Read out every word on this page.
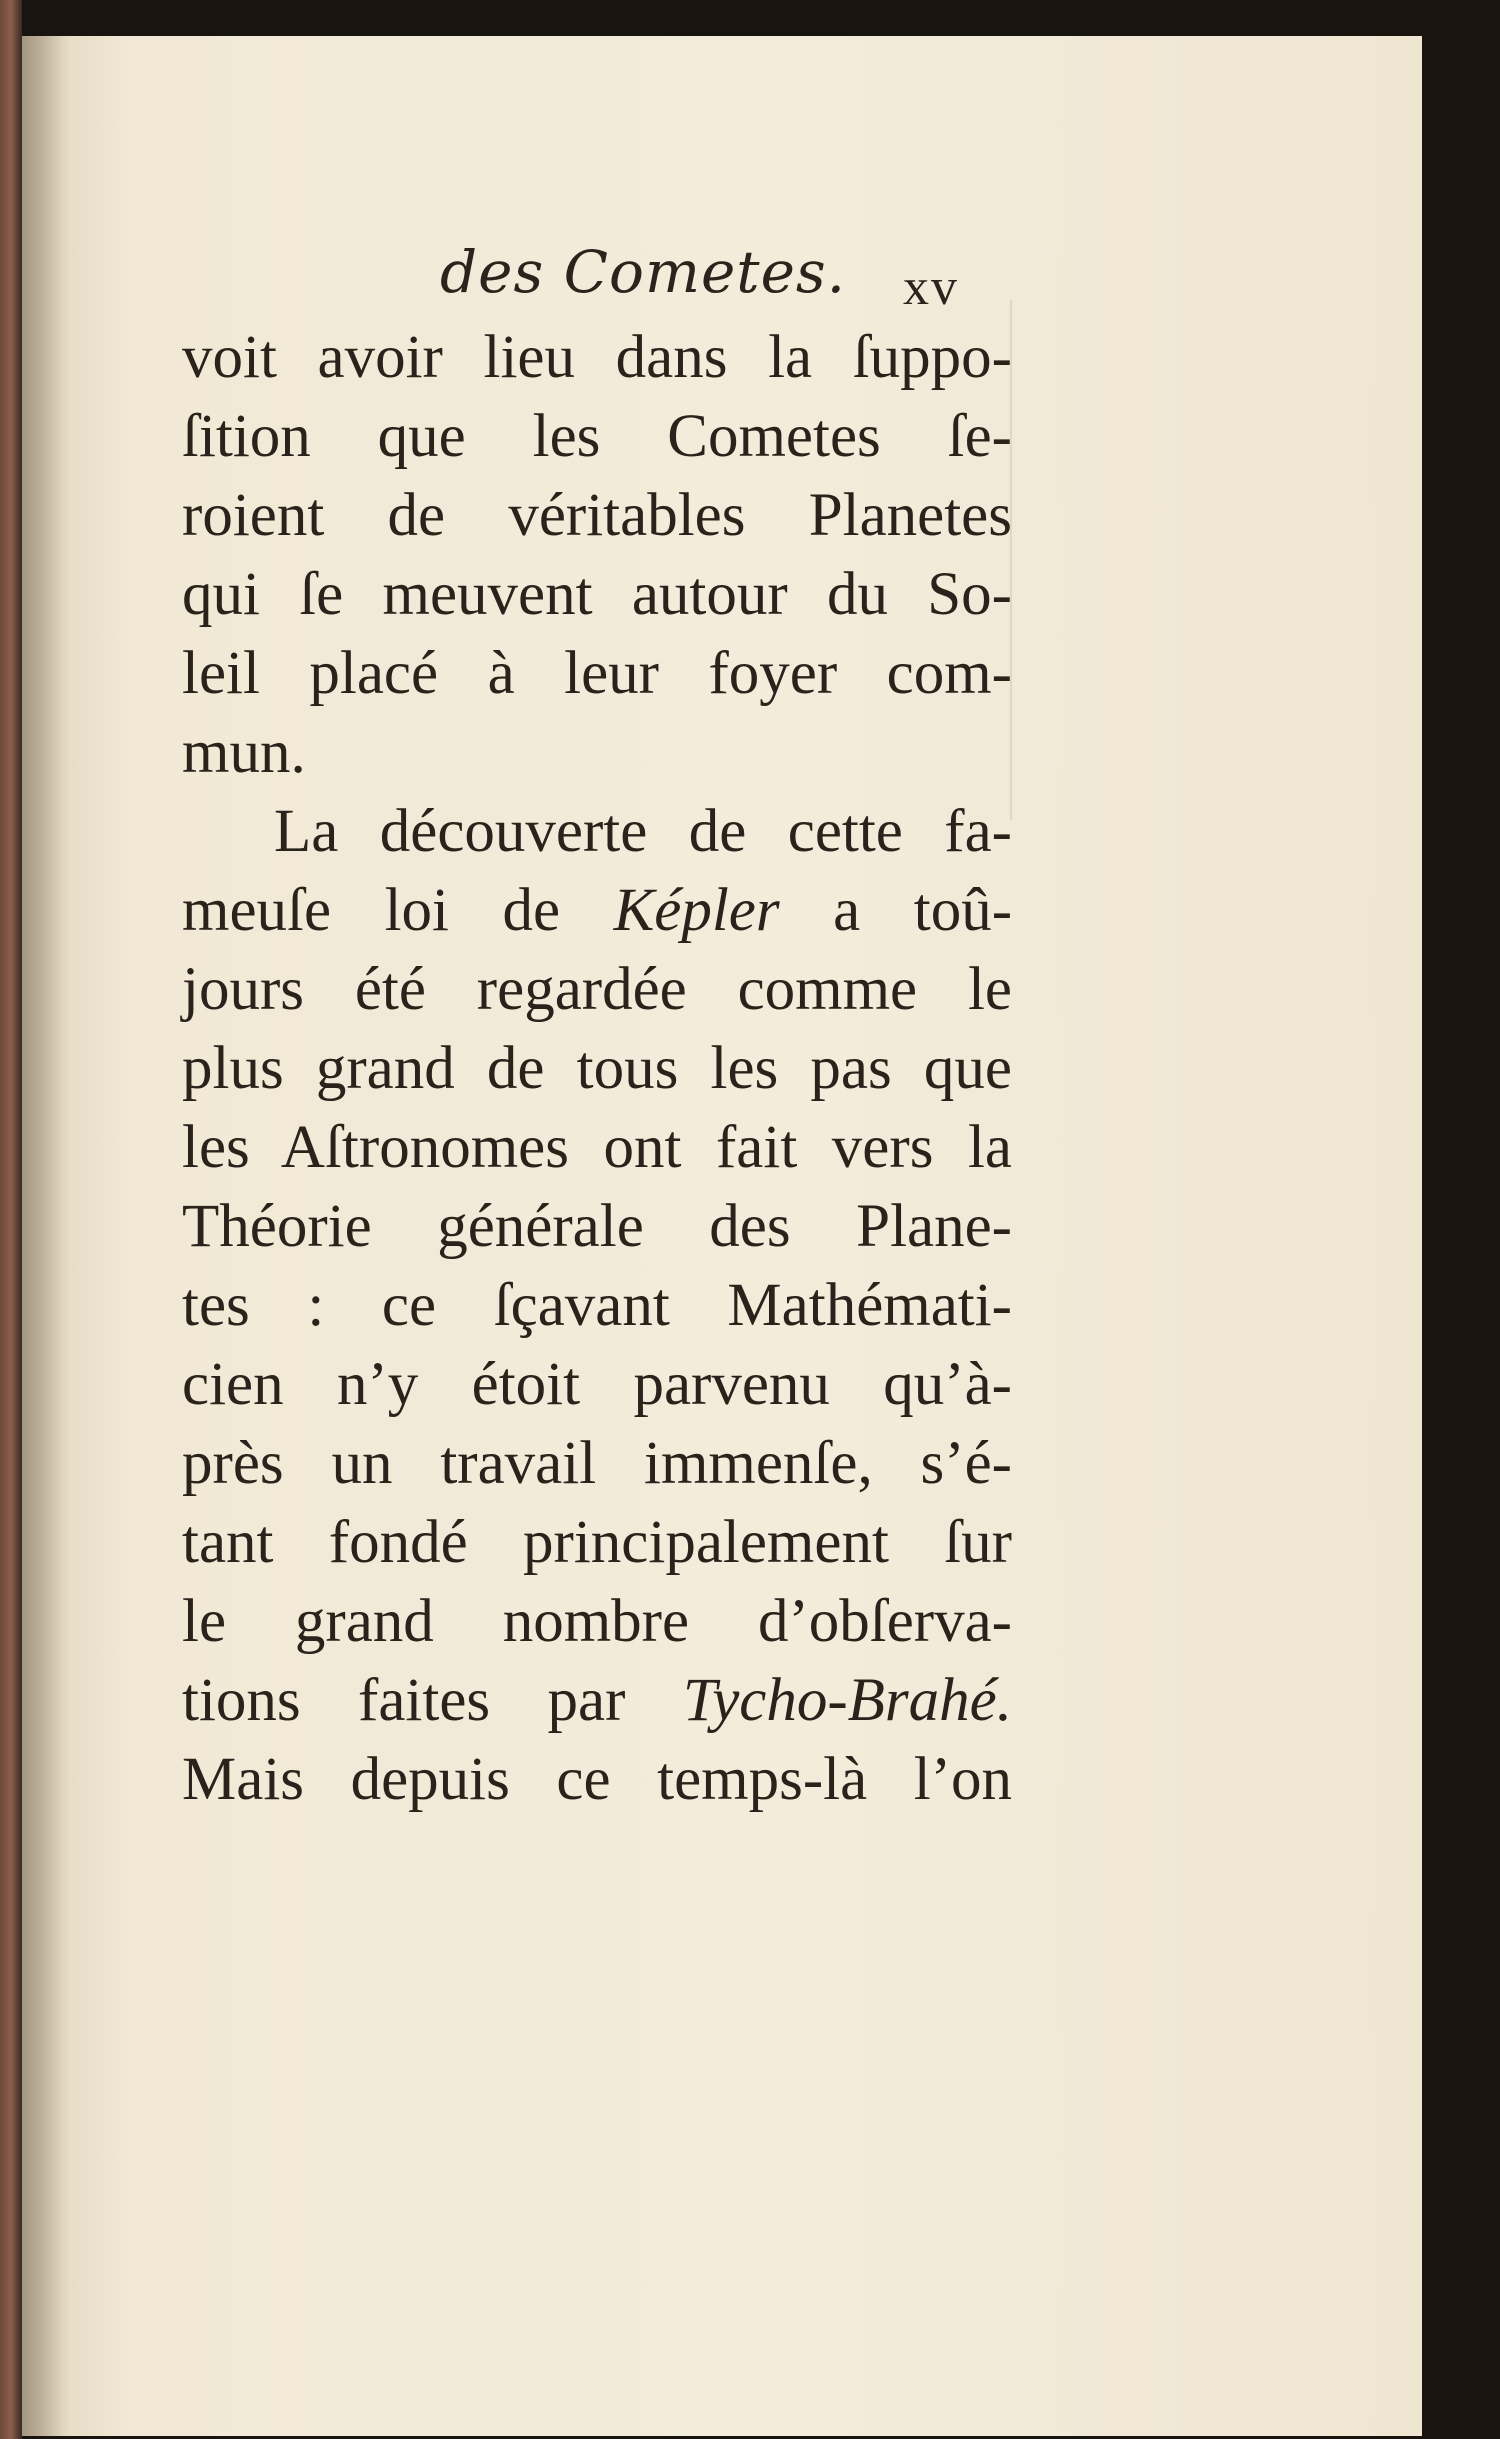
des Cometes. xv
voit avoir lieu dans la ſuppo-
ſition que les Cometes ſe-
roient de véritables Planetes
qui ſe meuvent autour du So-
leil placé à leur foyer com-
mun.
La découverte de cette fa-
meuſe loi de Képler a toû-
jours été regardée comme le
plus grand de tous les pas que
les Aſtronomes ont fait vers la
Théorie générale des Plane-
tes : ce ſçavant Mathémati-
cien n’y étoit parvenu qu’à-
près un travail immenſe, s’é-
tant fondé principalement ſur
le grand nombre d’obſerva-
tions faites par Tycho-Brahé.
Mais depuis ce temps-là l’on
